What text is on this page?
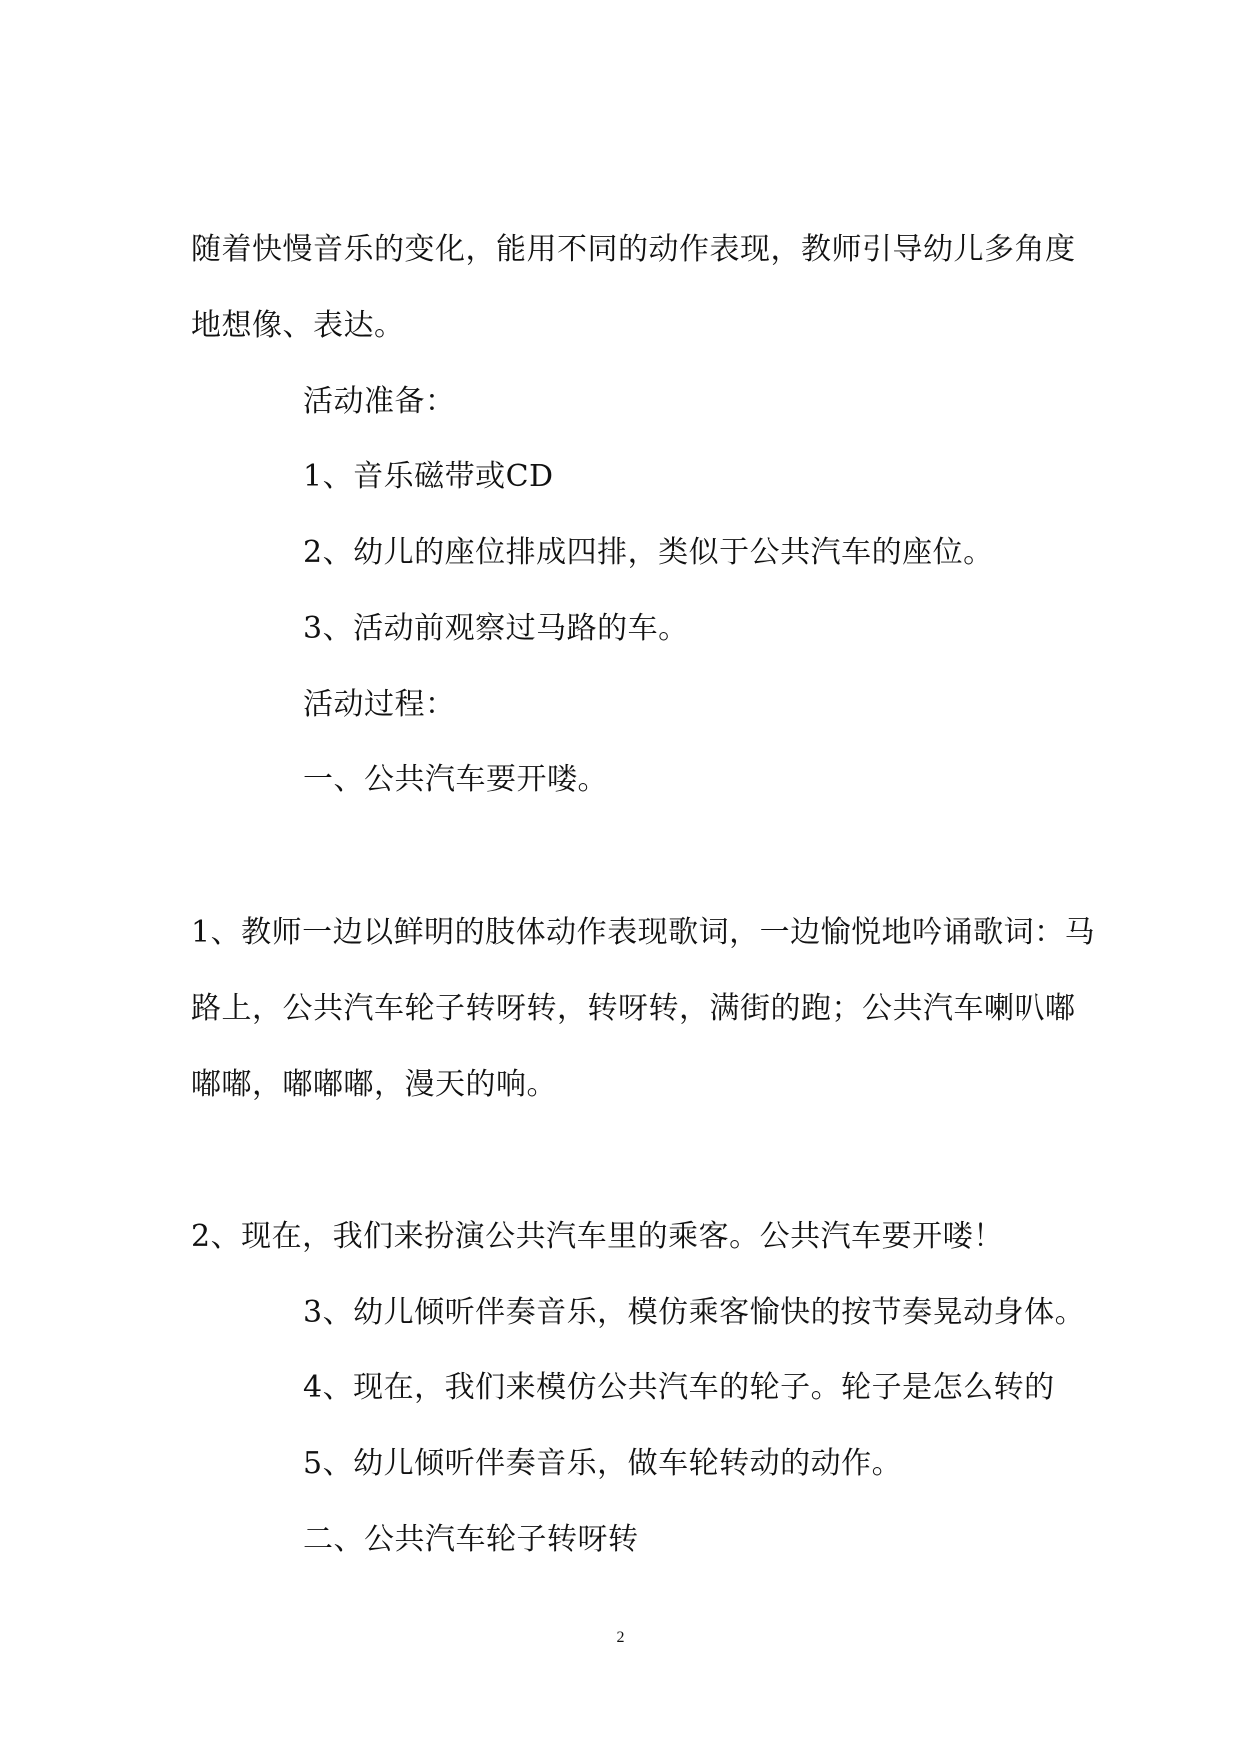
随着快慢音乐的变化，能用不同的动作表现，教师引导幼儿多角度

地想像、表达。

活动准备：

1、音乐磁带或CD

2、幼儿的座位排成四排，类似于公共汽车的座位。

3、活动前观察过马路的车。

活动过程：

一、公共汽车要开喽。

1、教师一边以鲜明的肢体动作表现歌词，一边愉悦地吟诵歌词：马

路上，公共汽车轮子转呀转，转呀转，满街的跑；公共汽车喇叭嘟

嘟嘟，嘟嘟嘟，漫天的响。

2、现在，我们来扮演公共汽车里的乘客。公共汽车要开喽！

3、幼儿倾听伴奏音乐，模仿乘客愉快的按节奏晃动身体。

4、现在，我们来模仿公共汽车的轮子。轮子是怎么转的

5、幼儿倾听伴奏音乐，做车轮转动的动作。

二、公共汽车轮子转呀转

2
